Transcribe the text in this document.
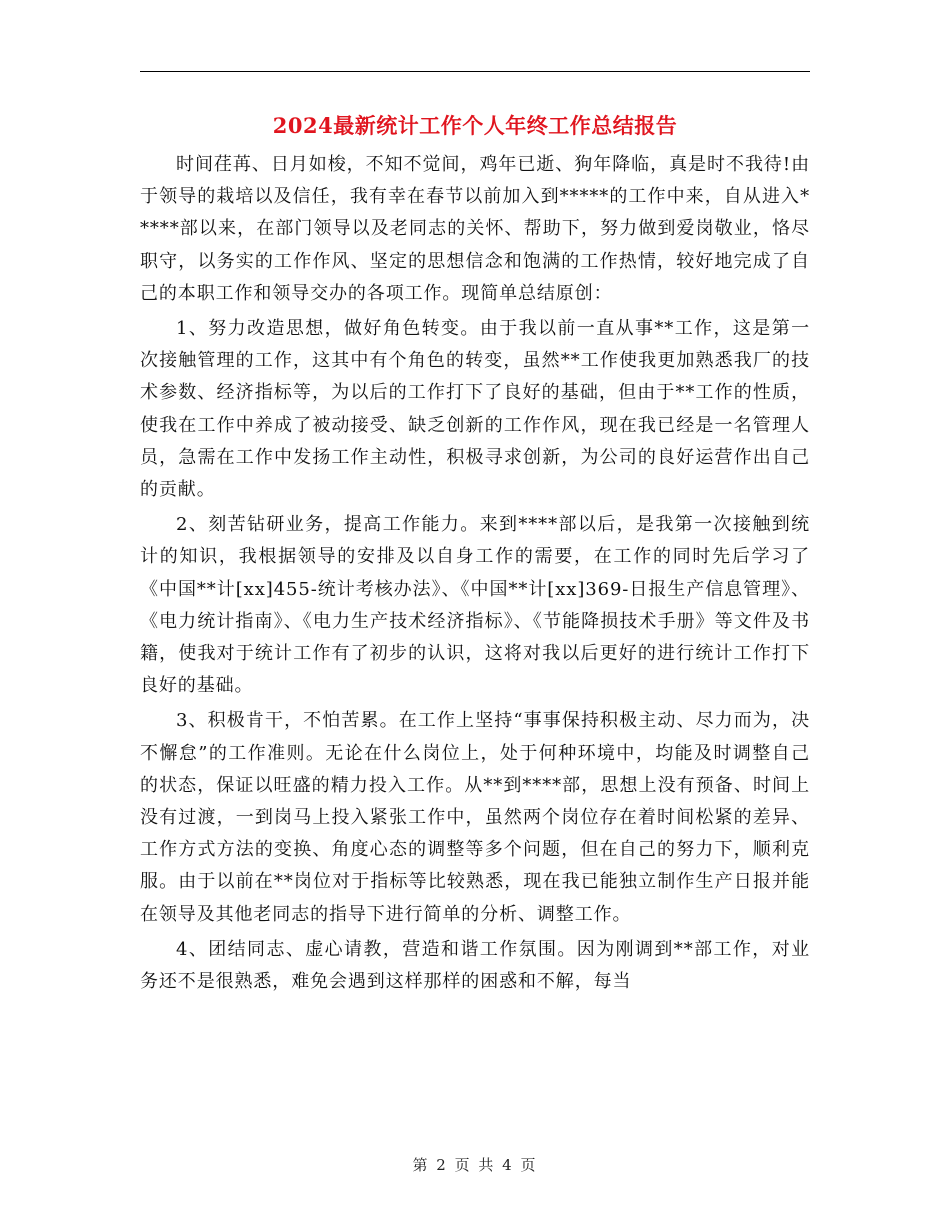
2024最新统计工作个人年终工作总结报告

时间荏苒、日月如梭，不知不觉间，鸡年已逝、狗年降临，真是时不我待!由于领导的栽培以及信任，我有幸在春节以前加入到*****的工作中来，自从进入*****部以来，在部门领导以及老同志的关怀、帮助下，努力做到爱岗敬业，恪尽职守，以务实的工作作风、坚定的思想信念和饱满的工作热情，较好地完成了自己的本职工作和领导交办的各项工作。现简单总结原创：

1、努力改造思想，做好角色转变。由于我以前一直从事**工作，这是第一次接触管理的工作，这其中有个角色的转变，虽然**工作使我更加熟悉我厂的技术参数、经济指标等，为以后的工作打下了良好的基础，但由于**工作的性质，使我在工作中养成了被动接受、缺乏创新的工作作风，现在我已经是一名管理人员，急需在工作中发扬工作主动性，积极寻求创新，为公司的良好运营作出自己的贡献。

2、刻苦钻研业务，提高工作能力。来到****部以后，是我第一次接触到统计的知识，我根据领导的安排及以自身工作的需要，在工作的同时先后学习了《中国**计[xx]455-统计考核办法》、《中国**计[xx]369-日报生产信息管理》、《电力统计指南》、《电力生产技术经济指标》、《节能降损技术手册》等文件及书籍，使我对于统计工作有了初步的认识，这将对我以后更好的进行统计工作打下良好的基础。

3、积极肯干，不怕苦累。在工作上坚持“事事保持积极主动、尽力而为，决不懈怠”的工作准则。无论在什么岗位上，处于何种环境中，均能及时调整自己的状态，保证以旺盛的精力投入工作。从**到****部，思想上没有预备、时间上没有过渡，一到岗马上投入紧张工作中，虽然两个岗位存在着时间松紧的差异、工作方式方法的变换、角度心态的调整等多个问题，但在自己的努力下，顺利克服。由于以前在**岗位对于指标等比较熟悉，现在我已能独立制作生产日报并能在领导及其他老同志的指导下进行简单的分析、调整工作。

4、团结同志、虚心请教，营造和谐工作氛围。因为刚调到**部工作，对业务还不是很熟悉，难免会遇到这样那样的困惑和不解，每当

第 2 页 共 4 页
